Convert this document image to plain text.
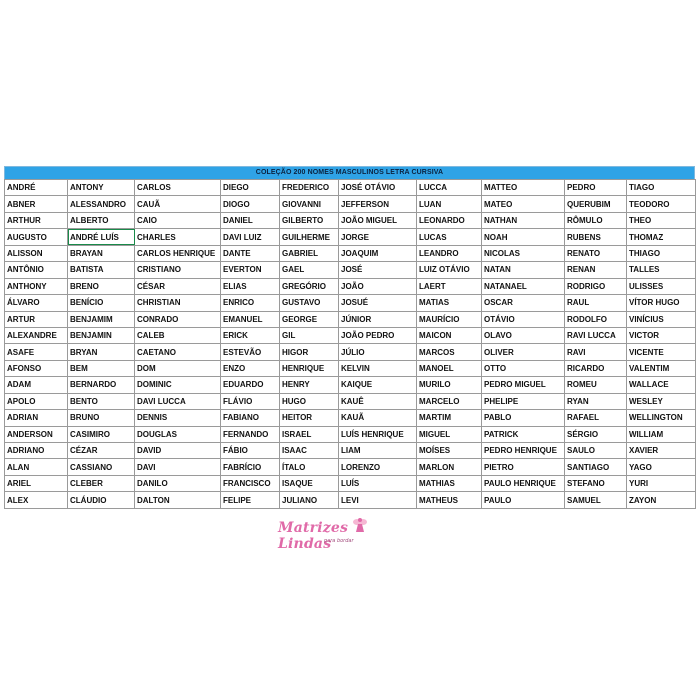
COLEÇÃO 200 NOMES MASCULINOS LETRA CURSIVA
ANDRÉ	ANTONY	CARLOS	DIEGO	FREDERICO	JOSÉ OTÁVIO	LUCCA	MATTEO	PEDRO	TIAGO
ABNER	ALESSANDRO	CAUÃ	DIOGO	GIOVANNI	JEFFERSON	LUAN	MATEO	QUERUBIM	TEODORO
ARTHUR	ALBERTO	CAIO	DANIEL	GILBERTO	JOÃO MIGUEL	LEONARDO	NATHAN	RÔMULO	THEO
AUGUSTO	ANDRÉ LUÍS	CHARLES	DAVI LUIZ	GUILHERME	JORGE	LUCAS	NOAH	RUBENS	THOMAZ
ALISSON	BRAYAN	CARLOS HENRIQUE	DANTE	GABRIEL	JOAQUIM	LEANDRO	NICOLAS	RENATO	THIAGO
ANTÔNIO	BATISTA	CRISTIANO	EVERTON	GAEL	JOSÉ	LUIZ OTÁVIO	NATAN	RENAN	TALLES
ANTHONY	BRENO	CÉSAR	ELIAS	GREGÓRIO	JOÃO	LAERT	NATANAEL	RODRIGO	ULISSES
ÁLVARO	BENÍCIO	CHRISTIAN	ENRICO	GUSTAVO	JOSUÉ	MATIAS	OSCAR	RAUL	VÍTOR HUGO
ARTUR	BENJAMIM	CONRADO	EMANUEL	GEORGE	JÚNIOR	MAURÍCIO	OTÁVIO	RODOLFO	VINÍCIUS
ALEXANDRE	BENJAMIN	CALEB	ERICK	GIL	JOÃO PEDRO	MAICON	OLAVO	RAVI LUCCA	VICTOR
ASAFE	BRYAN	CAETANO	ESTEVÃO	HIGOR	JÚLIO	MARCOS	OLIVER	RAVI	VICENTE
AFONSO	BEM	DOM	ENZO	HENRIQUE	KELVIN	MANOEL	OTTO	RICARDO	VALENTIM
ADAM	BERNARDO	DOMINIC	EDUARDO	HENRY	KAIQUE	MURILO	PEDRO MIGUEL	ROMEU	WALLACE
APOLO	BENTO	DAVI LUCCA	FLÁVIO	HUGO	KAUÊ	MARCELO	PHELIPE	RYAN	WESLEY
ADRIAN	BRUNO	DENNIS	FABIANO	HEITOR	KAUÃ	MARTIM	PABLO	RAFAEL	WELLINGTON
ANDERSON	CASIMIRO	DOUGLAS	FERNANDO	ISRAEL	LUÍS HENRIQUE	MIGUEL	PATRICK	SÉRGIO	WILLIAM
ADRIANO	CÉZAR	DAVID	FÁBIO	ISAAC	LIAM	MOÍSES	PEDRO HENRIQUE	SAULO	XAVIER
ALAN	CASSIANO	DAVI	FABRÍCIO	ÍTALO	LORENZO	MARLON	PIETRO	SANTIAGO	YAGO
ARIEL	CLEBER	DANILO	FRANCISCO	ISAQUE	LUÍS	MATHIAS	PAULO HENRIQUE	STEFANO	YURI
ALEX	CLÁUDIO	DALTON	FELIPE	JULIANO	LEVI	MATHEUS	PAULO	SAMUEL	ZAYON
Matrizes Lindas
para bordar
